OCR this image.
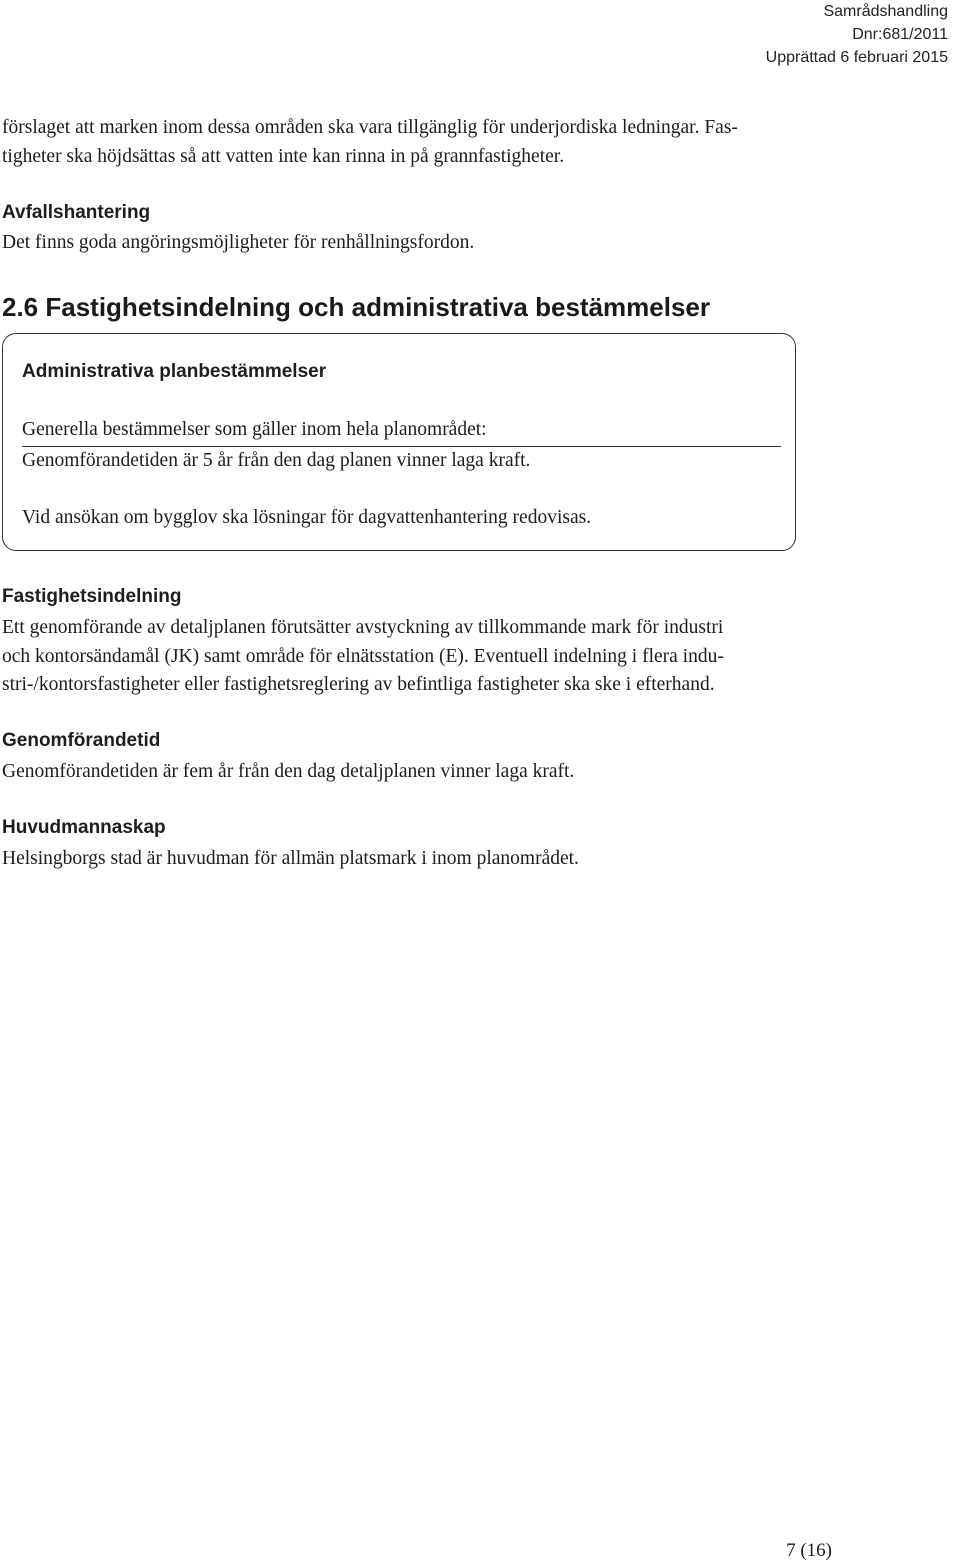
Samrådshandling
Dnr:681/2011
Upprättad 6 februari 2015

förslaget att marken inom dessa områden ska vara tillgänglig för underjordiska ledningar. Fas-

tigheter ska höjdsättas så att vatten inte kan rinna in på grannfastigheter.

Avfallshantering

Det finns goda angöringsmöjligheter för renhållningsfordon.

2.6 Fastighetsindelning och administrativa bestämmelser
Administrativa planbestämmelser
Generella bestämmelser som gäller inom hela planområdet:
Genomförandetiden är 5 år från den dag planen vinner laga kraft.
Vid ansökan om bygglov ska lösningar för dagvattenhantering redovisas.

Fastighetsindelning

Ett genomförande av detaljplanen förutsätter avstyckning av tillkommande mark för industri

och kontorsändamål (JK) samt område för elnätsstation (E). Eventuell indelning i flera indu-

stri-/kontorsfastigheter eller fastighetsreglering av befintliga fastigheter ska ske i efterhand.

Genomförandetid

Genomförandetiden är fem år från den dag detaljplanen vinner laga kraft.

Huvudmannaskap

Helsingborgs stad är huvudman för allmän platsmark i inom planområdet.

7 (16)
